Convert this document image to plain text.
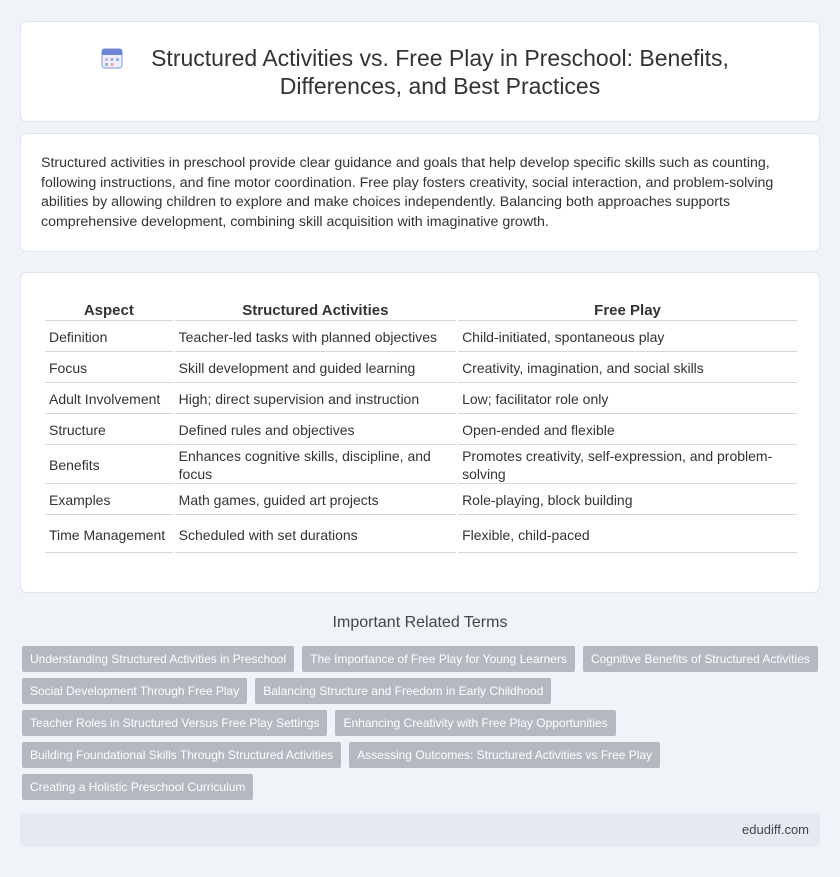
Structured Activities vs. Free Play in Preschool: Benefits, Differences, and Best Practices

Structured activities in preschool provide clear guidance and goals that help develop specific skills such as counting, following instructions, and fine motor coordination. Free play fosters creativity, social interaction, and problem-solving abilities by allowing children to explore and make choices independently. Balancing both approaches supports comprehensive development, combining skill acquisition with imaginative growth.

Aspect	Structured Activities	Free Play
Definition	Teacher-led tasks with planned objectives	Child-initiated, spontaneous play
Focus	Skill development and guided learning	Creativity, imagination, and social skills
Adult Involvement	High; direct supervision and instruction	Low; facilitator role only
Structure	Defined rules and objectives	Open-ended and flexible
Benefits	Enhances cognitive skills, discipline, and focus	Promotes creativity, self-expression, and problem-solving
Examples	Math games, guided art projects	Role-playing, block building
Time Management	Scheduled with set durations	Flexible, child-paced
Important Related Terms
Understanding Structured Activities in Preschool	The Importance of Free Play for Young Learners	Cognitive Benefits of Structured Activities
Social Development Through Free Play	Balancing Structure and Freedom in Early Childhood
Teacher Roles in Structured Versus Free Play Settings	Enhancing Creativity with Free Play Opportunities
Building Foundational Skills Through Structured Activities	Assessing Outcomes: Structured Activities vs Free Play
Creating a Holistic Preschool Curriculum
edudiff.com
